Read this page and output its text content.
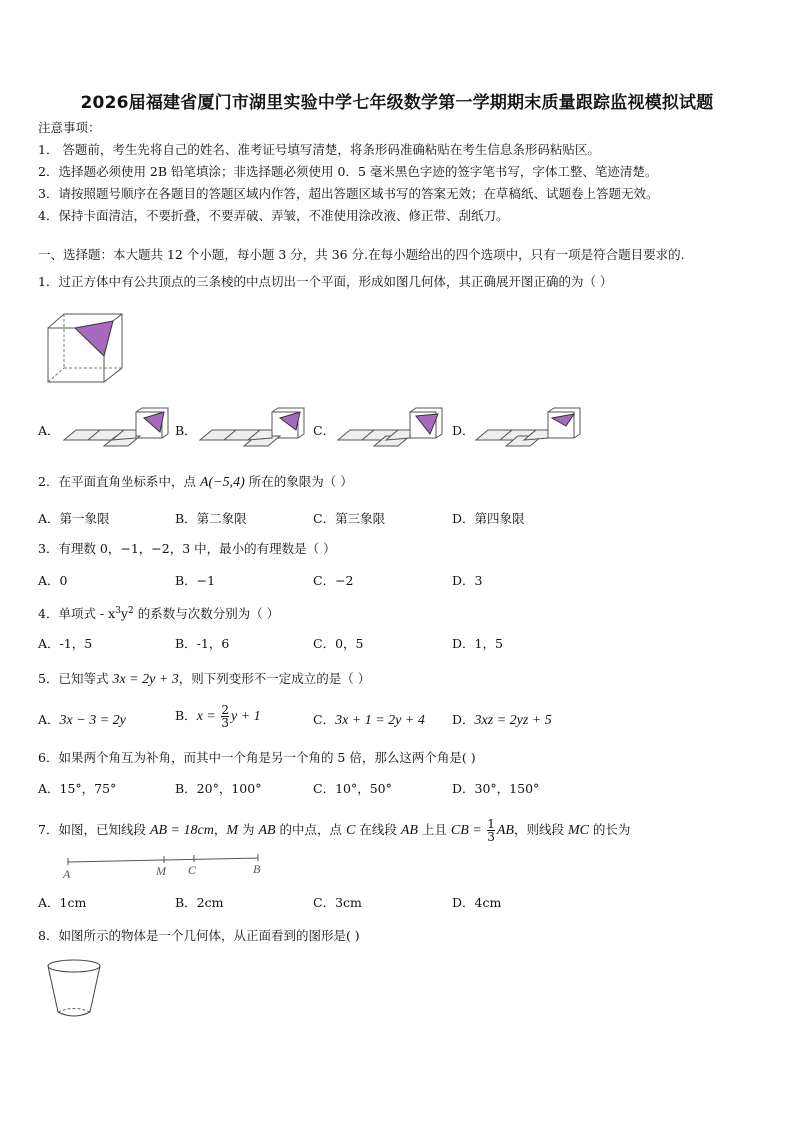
2026届福建省厦门市湖里实验中学七年级数学第一学期期末质量跟踪监视模拟试题
注意事项：
1． 答题前，考生先将自己的姓名、准考证号填写清楚，将条形码准确粘贴在考生信息条形码粘贴区。
2．选择题必须使用 2B 铅笔填涂；非选择题必须使用 0．5 毫米黑色字迹的签字笔书写，字体工整、笔迹清楚。
3．请按照题号顺序在各题目的答题区域内作答，超出答题区域书写的答案无效；在草稿纸、试题卷上答题无效。
4．保持卡面清洁，不要折叠，不要弄破、弄皱，不准使用涂改液、修正带、刮纸刀。
一、选择题：本大题共 12 个小题，每小题 3 分，共 36 分.在每小题给出的四个选项中，只有一项是符合题目要求的.
1．过正方体中有公共顶点的三条棱的中点切出一个平面，形成如图几何体，其正确展开图正确的为（ ）
A．	B．	C．	D．
2．在平面直角坐标系中，点 A(−5,4) 所在的象限为（ ）
A．第一象限	B．第二象限	C．第三象限	D．第四象限
3．有理数 0，−1，−2，3 中，最小的有理数是（ ）
A．0	B．−1	C．−2	D．3
4．单项式 - $x^3y^2$ 的系数与次数分别为（ ）
A．-1，5	B．-1，6	C．0，5	D．1，5
5．已知等式 3x = 2y + 3，则下列变形不一定成立的是（ ）
A．3x − 3 = 2y	B．$x = \frac{2}{3}$ y + 1	C．3x + 1 = 2y + 4 D．3xz = 2yz + 5
6．如果两个角互为补角，而其中一个角是另一个角的 5 倍，那么这两个角是( )
A．15°，75°	B．20°，100°	C．10°，50°	D．30°，150°
7．如图，已知线段 AB = 18cm，M 为 AB 的中点，点 C 在线段 AB 上且 CB = $\frac{1}{3}$ AB，则线段 MC 的长为
A	M C	B
A．1cm	B．2cm	C．3cm	D．4cm
8．如图所示的物体是一个几何体，从正面看到的图形是( )
